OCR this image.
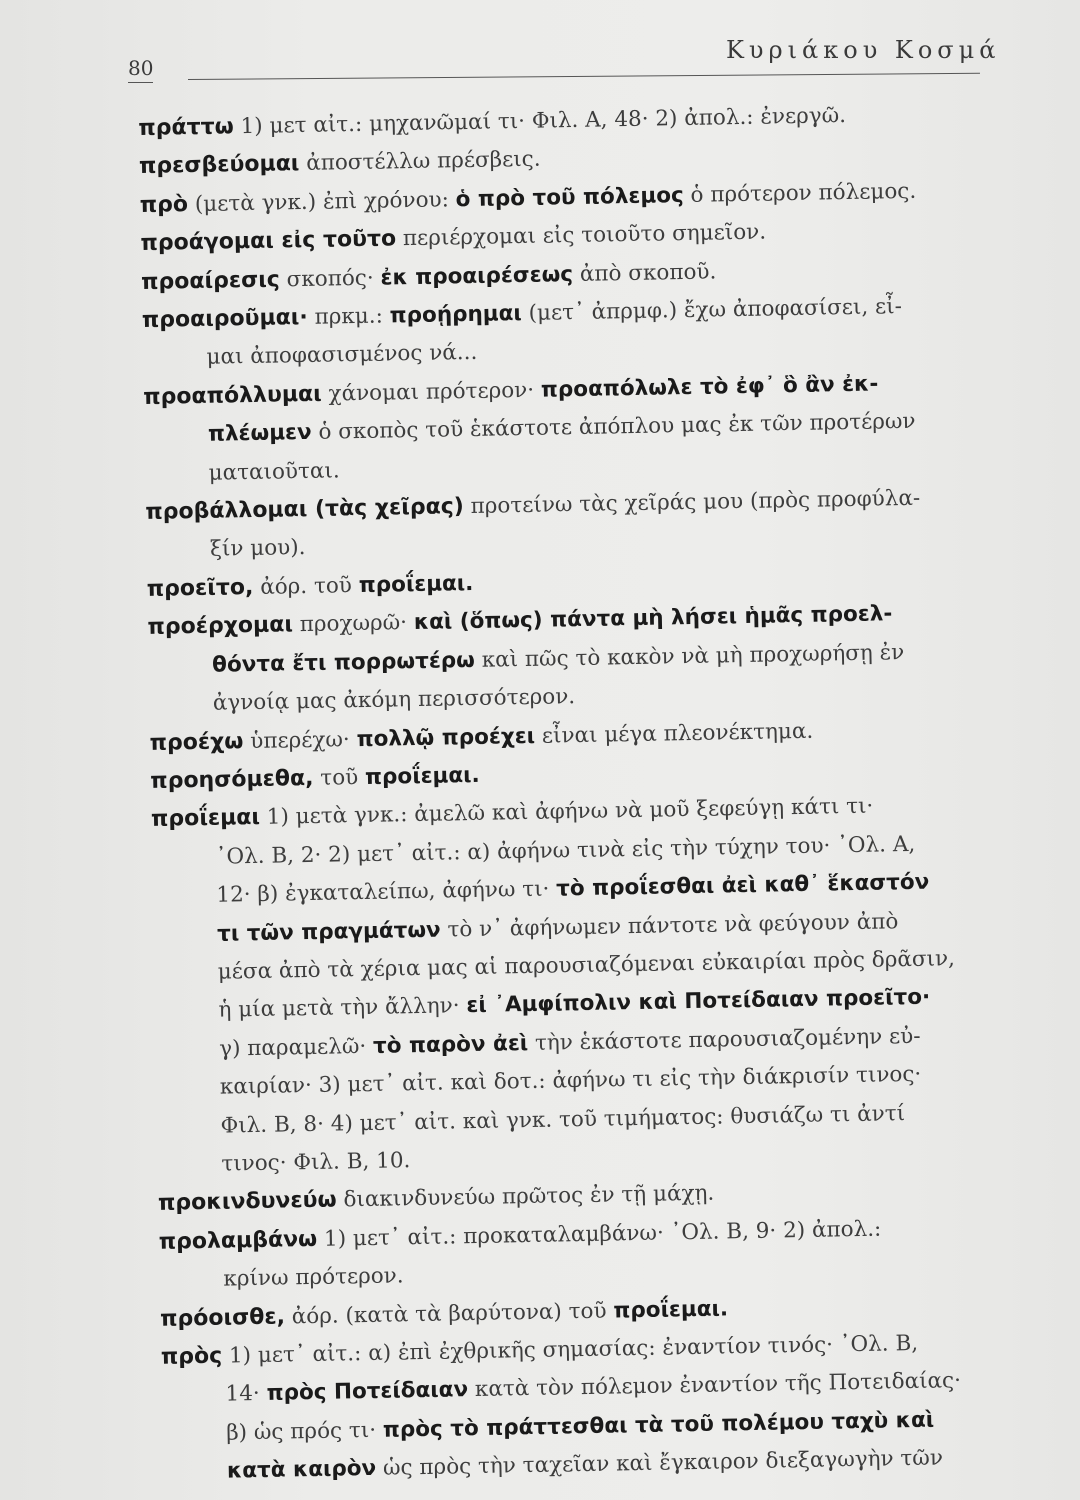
80
Κυριάκου Κοσμά
πράττω 1) μετ αἰτ.: μηχανῶμαί τι· Φιλ. Α, 48· 2) ἀπολ.: ἐνεργῶ.
πρεσβεύομαι ἀποστέλλω πρέσβεις.
πρὸ (μετὰ γνκ.) ἐπὶ χρόνου: ὁ πρὸ τοῦ πόλεμος ὁ πρότερον πόλεμος.
προάγομαι εἰς τοῦτο περιέρχομαι εἰς τοιοῦτο σημεῖον.
προαίρεσις σκοπός· ἐκ προαιρέσεως ἀπὸ σκοποῦ.
προαιροῦμαι· πρκμ.: προῄρημαι (μετ᾽ ἀπρμφ.) ἔχω ἀποφασίσει, εἶ-
μαι ἀποφασισμένος νά...
προαπόλλυμαι χάνομαι πρότερον· προαπόλωλε τὸ ἐφ᾽ ὃ ἂν ἐκ-
πλέωμεν ὁ σκοπὸς τοῦ ἑκάστοτε ἀπόπλου μας ἐκ τῶν προτέρων
ματαιοῦται.
προβάλλομαι (τὰς χεῖρας) προτείνω τὰς χεῖράς μου (πρὸς προφύλα-
ξίν μου).
προεῖτο, ἀόρ. τοῦ προΐεμαι.
προέρχομαι προχωρῶ· καὶ (ὅπως) πάντα μὴ λήσει ἡμᾶς προελ-
θόντα ἔτι πορρωτέρω καὶ πῶς τὸ κακὸν νὰ μὴ προχωρήσῃ ἐν
ἀγνοίᾳ μας ἀκόμη περισσότερον.
προέχω ὑπερέχω· πολλῷ προέχει εἶναι μέγα πλεονέκτημα.
προησόμεθα, τοῦ προΐεμαι.
προΐεμαι 1) μετὰ γνκ.: ἀμελῶ καὶ ἀφήνω νὰ μοῦ ξεφεύγῃ κάτι τι·
᾽Ολ. Β, 2· 2) μετ᾽ αἰτ.: α) ἀφήνω τινὰ εἰς τὴν τύχην του· ᾽Ολ. Α,
12· β) ἐγκαταλείπω, ἀφήνω τι· τὸ προΐεσθαι ἀεὶ καθ᾽ ἕκαστόν
τι τῶν πραγμάτων τὸ ν᾽ ἀφήνωμεν πάντοτε νὰ φεύγουν ἀπὸ
μέσα ἀπὸ τὰ χέρια μας αἱ παρουσιαζόμεναι εὐκαιρίαι πρὸς δρᾶσιν,
ἡ μία μετὰ τὴν ἄλλην· εἰ ᾽Αμφίπολιν καὶ Ποτείδαιαν προεῖτο·
γ) παραμελῶ· τὸ παρὸν ἀεὶ τὴν ἑκάστοτε παρουσιαζομένην εὐ-
καιρίαν· 3) μετ᾽ αἰτ. καὶ δοτ.: ἀφήνω τι εἰς τὴν διάκρισίν τινος·
Φιλ. Β, 8· 4) μετ᾽ αἰτ. καὶ γνκ. τοῦ τιμήματος: θυσιάζω τι ἀντί
τινος· Φιλ. Β, 10.
προκινδυνεύω διακινδυνεύω πρῶτος ἐν τῇ μάχῃ.
προλαμβάνω 1) μετ᾽ αἰτ.: προκαταλαμβάνω· ᾽Ολ. Β, 9· 2) ἀπολ.:
κρίνω πρότερον.
πρόοισθε, ἀόρ. (κατὰ τὰ βαρύτονα) τοῦ προΐεμαι.
πρὸς 1) μετ᾽ αἰτ.: α) ἐπὶ ἐχθρικῆς σημασίας: ἐναντίον τινός· ᾽Ολ. Β,
14· πρὸς Ποτείδαιαν κατὰ τὸν πόλεμον ἐναντίον τῆς Ποτειδαίας·
β) ὡς πρός τι· πρὸς τὸ πράττεσθαι τὰ τοῦ πολέμου ταχὺ καὶ
κατὰ καιρὸν ὡς πρὸς τὴν ταχεῖαν καὶ ἔγκαιρον διεξαγωγὴν τῶν
